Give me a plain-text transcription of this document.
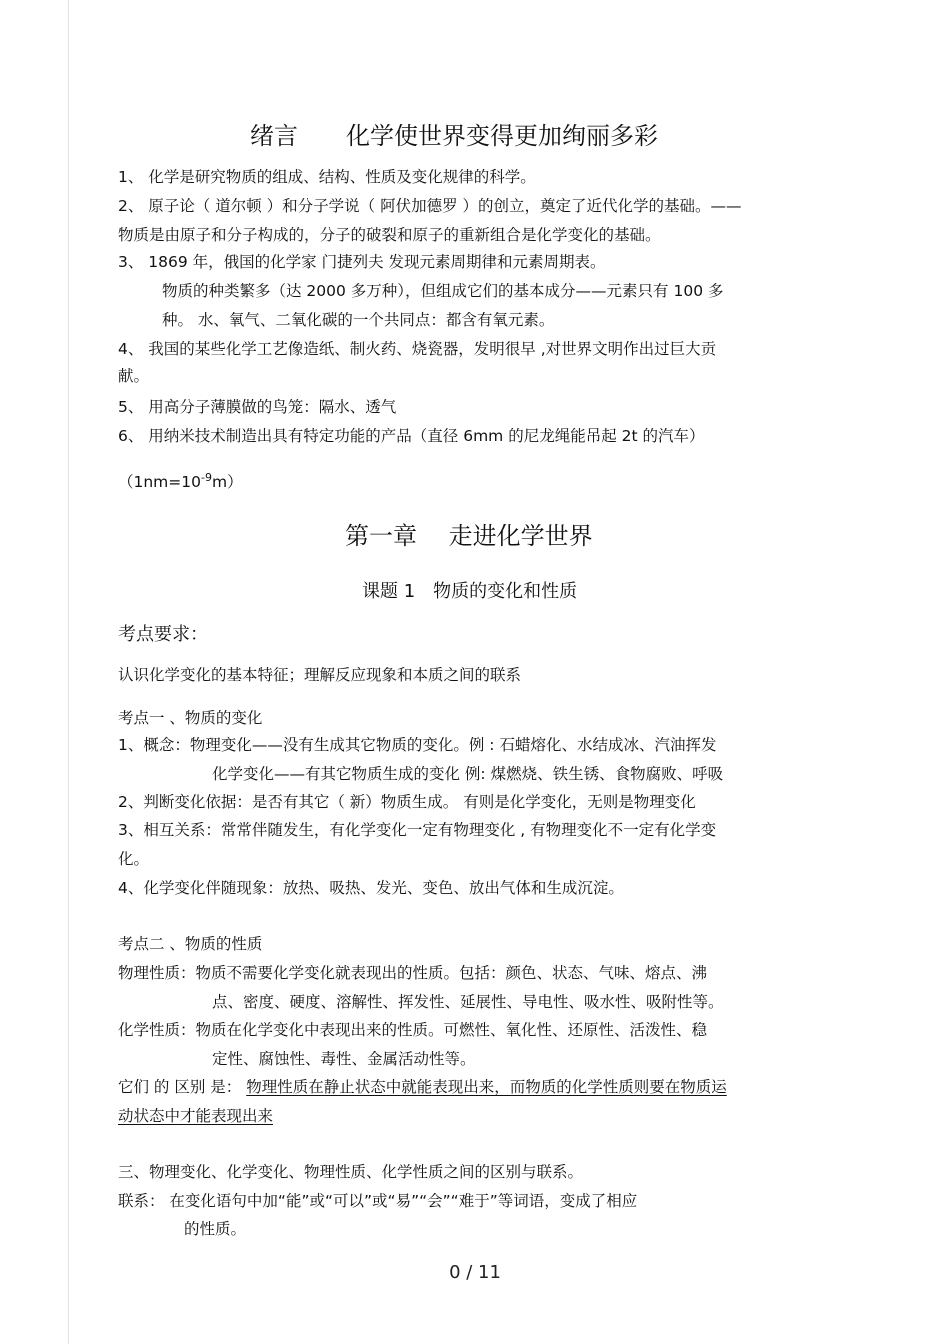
绪言　　化学使世界变得更加绚丽多彩
1、 化学是研究物质的组成、结构、性质及变化规律的科学。
2、 原子论（ 道尔顿 ）和分子学说（ 阿伏加德罗 ）的创立，奠定了近代化学的基础。——
物质是由原子和分子构成的，分子的破裂和原子的重新组合是化学变化的基础。
3、 1869 年，俄国的化学家 门捷列夫 发现元素周期律和元素周期表。
物质的种类繁多（达 2000 多万种），但组成它们的基本成分——元素只有 100 多
种。 水、氧气、二氧化碳的一个共同点：都含有氧元素。
4、 我国的某些化学工艺像造纸、制火药、烧瓷器，发明很早 ,对世界文明作出过巨大贡
献。
5、 用高分子薄膜做的鸟笼：隔水、透气
6、 用纳米技术制造出具有特定功能的产品（直径 6mm 的尼龙绳能吊起 2t 的汽车）
$(1nm=10^{-9}m)$
第一章　 走进化学世界
课题 1　物质的变化和性质
考点要求：
认识化学变化的基本特征；理解反应现象和本质之间的联系
考点一 、物质的变化
1、概念：物理变化——没有生成其它物质的变化。例 : 石蜡熔化、水结成冰、汽油挥发
化学变化——有其它物质生成的变化 例: 煤燃烧、铁生锈、食物腐败、呼吸
2、判断变化依据：是否有其它（ 新）物质生成。 有则是化学变化，无则是物理变化
3、相互关系：常常伴随发生，有化学变化一定有物理变化 , 有物理变化不一定有化学变
化。
4、化学变化伴随现象：放热、吸热、发光、变色、放出气体和生成沉淀。
考点二 、物质的性质
物理性质：物质不需要化学变化就表现出的性质。包括：颜色、状态、气味、熔点、沸
点、密度、硬度、溶解性、挥发性、延展性、导电性、吸水性、吸附性等。
化学性质：物质在化学变化中表现出来的性质。可燃性、氧化性、还原性、活泼性、稳
定性、腐蚀性、毒性、金属活动性等。
它们 的 区别 是： 物理性质在静止状态中就能表现出来，而物质的化学性质则要在物质运
动状态中才能表现出来
三、物理变化、化学变化、物理性质、化学性质之间的区别与联系。
联系： 在变化语句中加“能”或“可以”或“易”“会”“难于”等词语，变成了相应
的性质。
0 / 11
